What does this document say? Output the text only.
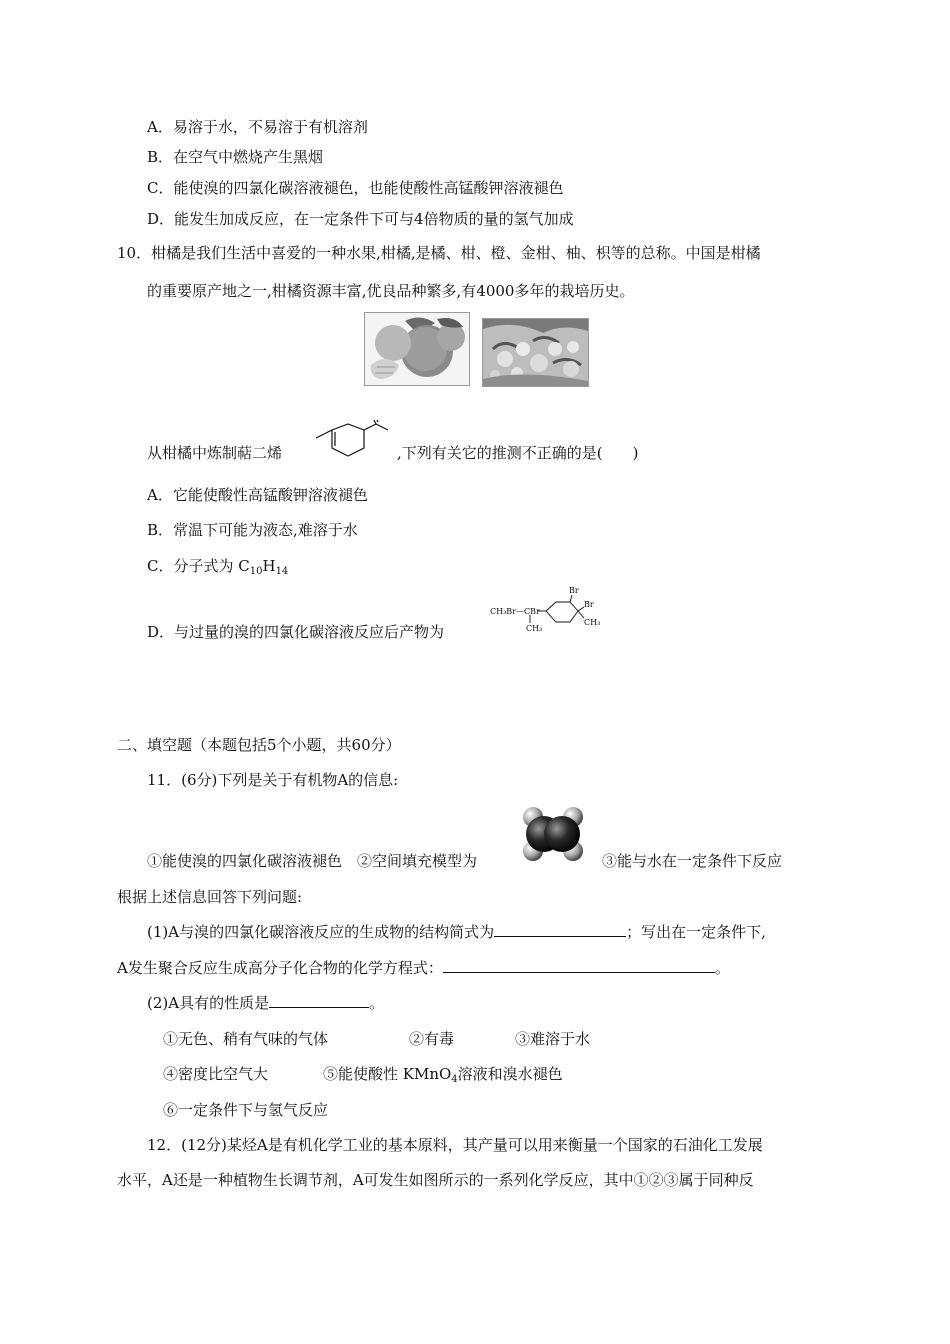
A．易溶于水，不易溶于有机溶剂
B．在空气中燃烧产生黑烟
C．能使溴的四氯化碳溶液褪色，也能使酸性高锰酸钾溶液褪色
D．能发生加成反应，在一定条件下可与4倍物质的量的氢气加成
10．柑橘是我们生活中喜爱的一种水果,柑橘,是橘、柑、橙、金柑、柚、枳等的总称。中国是柑橘
的重要原产地之一,柑橘资源丰富,优良品种繁多,有4000多年的栽培历史。
从柑橘中炼制萜二烯	,下列有关它的推测不正确的是(　　)
A．它能使酸性高锰酸钾溶液褪色
B．常温下可能为液态,难溶于水
C．分子式为 $C_{10}H_{14}$
D．与过量的溴的四氯化碳溶液反应后产物为
CH₃Br—CBr
CH₃
Br
Br
CH₃
二、填空题（本题包括5个小题，共60分）
11．(6分)下列是关于有机物A的信息:
①能使溴的四氯化碳溶液褪色　②空间填充模型为	③能与水在一定条件下反应
根据上述信息回答下列问题:
(1)A与溴的四氯化碳溶液反应的生成物的结构简式为	；写出在一定条件下,
A发生聚合反应生成高分子化合物的化学方程式：	。
(2)A具有的性质是	。
①无色、稍有气味的气体	②有毒	③难溶于水
④密度比空气大	⑤能使酸性 KMnO$_4$溶液和溴水褪色
⑥一定条件下与氢气反应
12．(12分)某烃A是有机化学工业的基本原料，其产量可以用来衡量一个国家的石油化工发展
水平，A还是一种植物生长调节剂，A可发生如图所示的一系列化学反应，其中①②③属于同种反
